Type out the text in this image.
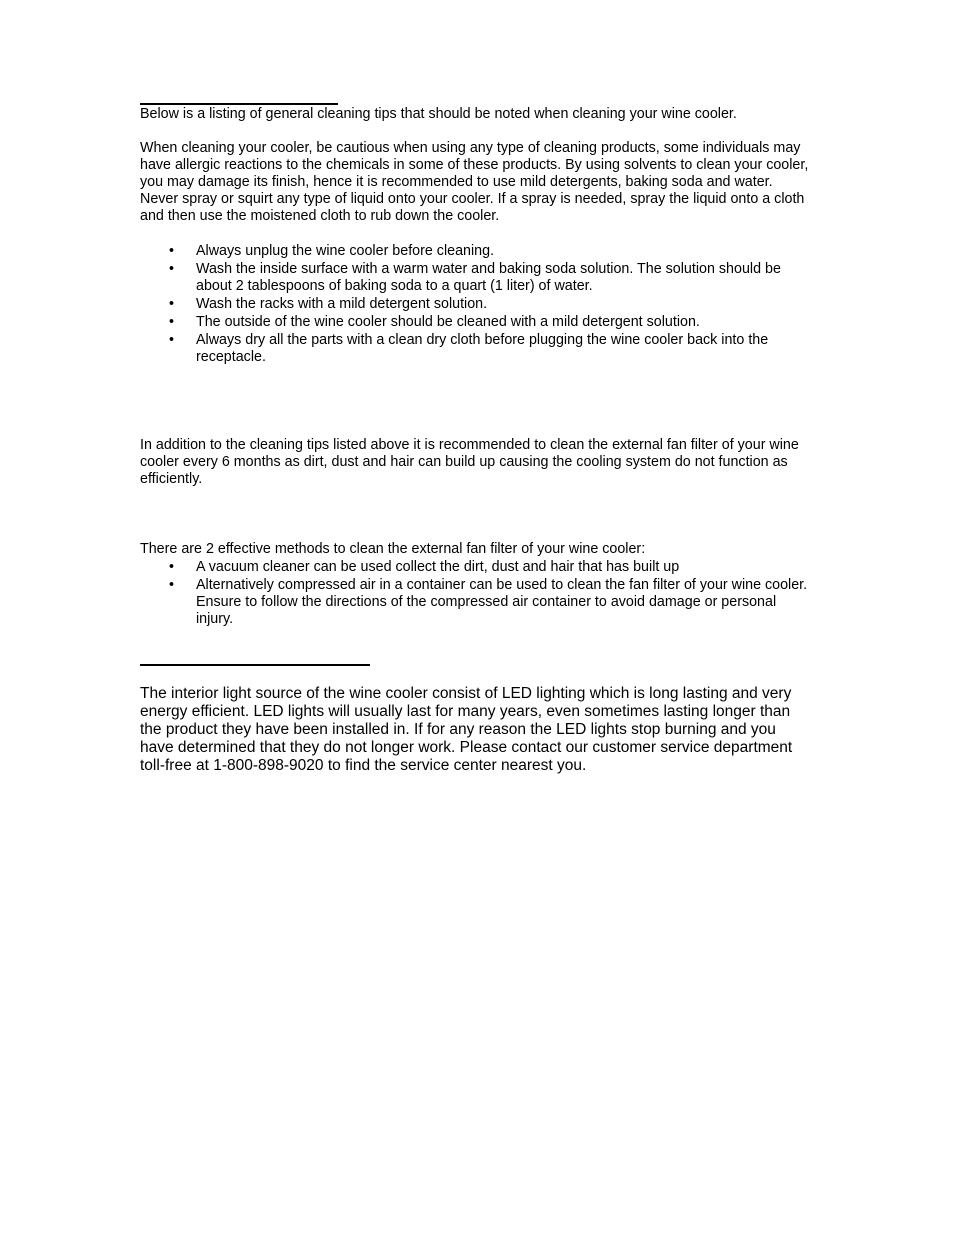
Below is a listing of general cleaning tips that should be noted when cleaning your wine cooler.

When cleaning your cooler, be cautious when using any type of cleaning products, some individuals may have allergic reactions to the chemicals in some of these products. By using solvents to clean your cooler, you may damage its finish, hence it is recommended to use mild detergents, baking soda and water. Never spray or squirt any type of liquid onto your cooler. If a spray is needed, spray the liquid onto a cloth and then use the moistened cloth to rub down the cooler.

• Always unplug the wine cooler before cleaning.
• Wash the inside surface with a warm water and baking soda solution. The solution should be about 2 tablespoons of baking soda to a quart (1 liter) of water.
• Wash the racks with a mild detergent solution.
• The outside of the wine cooler should be cleaned with a mild detergent solution.
• Always dry all the parts with a clean dry cloth before plugging the wine cooler back into the receptacle.

In addition to the cleaning tips listed above it is recommended to clean the external fan filter of your wine cooler every 6 months as dirt, dust and hair can build up causing the cooling system do not function as efficiently.

There are 2 effective methods to clean the external fan filter of your wine cooler:

• A vacuum cleaner can be used collect the dirt, dust and hair that has built up
• Alternatively compressed air in a container can be used to clean the fan filter of your wine cooler. Ensure to follow the directions of the compressed air container to avoid damage or personal injury.

The interior light source of the wine cooler consist of LED lighting which is long lasting and very energy efficient. LED lights will usually last for many years, even sometimes lasting longer than the product they have been installed in. If for any reason the LED lights stop burning and you have determined that they do not longer work. Please contact our customer service department toll-free at 1-800-898-9020 to find the service center nearest you.
